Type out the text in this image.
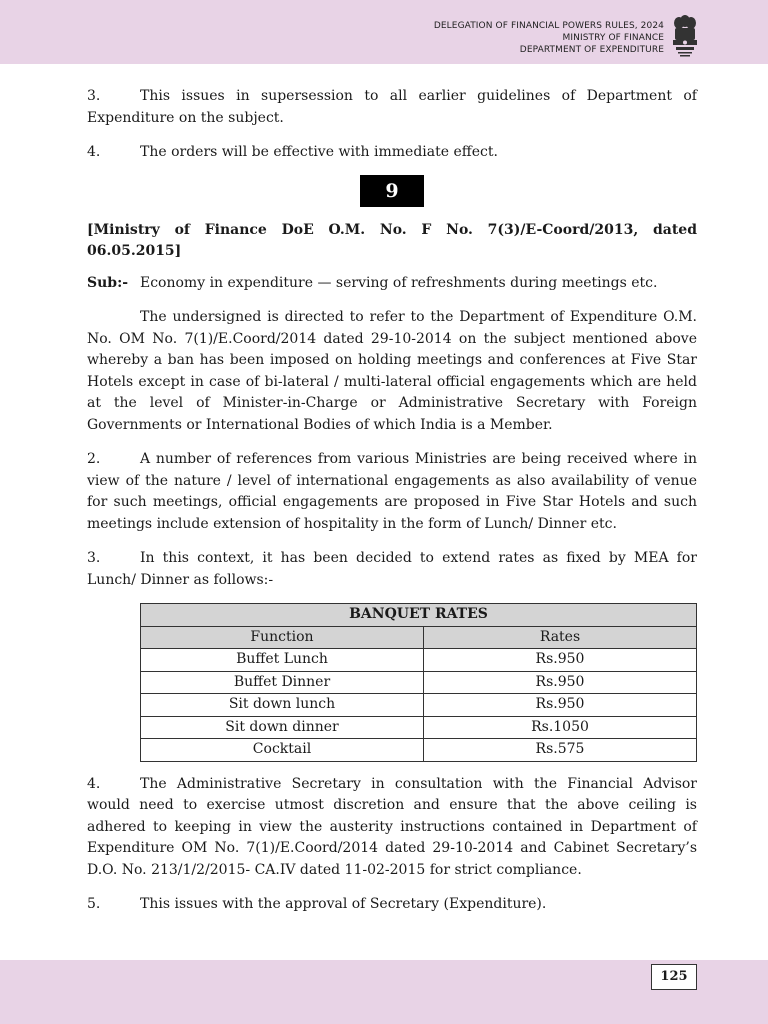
DELEGATION OF FINANCIAL POWERS RULES, 2024
MINISTRY OF FINANCE
DEPARTMENT OF EXPENDITURE

3.	This issues in supersession to all earlier guidelines of Department of Expenditure on the subject.

4.	The orders will be effective with immediate effect.

9

[Ministry of Finance DoE O.M. No. F No. 7(3)/E-Coord/2013, dated 06.05.2015]

Sub:- Economy in expenditure — serving of refreshments during meetings etc.

The undersigned is directed to refer to the Department of Expenditure O.M. No. OM No. 7(1)/E.Coord/2014 dated 29-10-2014 on the subject mentioned above whereby a ban has been imposed on holding meetings and conferences at Five Star Hotels except in case of bi-lateral / multi-lateral official engagements which are held at the level of Minister-in-Charge or Administrative Secretary with Foreign Governments or International Bodies of which India is a Member.

2.	A number of references from various Ministries are being received where in view of the nature / level of international engagements as also availability of venue for such meetings, official engagements are proposed in Five Star Hotels and such meetings include extension of hospitality in the form of Lunch/ Dinner etc.

3.	In this context, it has been decided to extend rates as fixed by MEA for Lunch/ Dinner as follows:-

BANQUET RATES	
Function	Rates
Buffet Lunch	Rs.950
Buffet Dinner	Rs.950
Sit down lunch	Rs.950
Sit down dinner	Rs.1050
Cocktail	Rs.575

4.	The Administrative Secretary in consultation with the Financial Advisor would need to exercise utmost discretion and ensure that the above ceiling is adhered to keeping in view the austerity instructions contained in Department of Expenditure OM No. 7(1)/E.Coord/2014 dated 29-10-2014 and Cabinet Secretary’s D.O. No. 213/1/2/2015- CA.IV dated 11-02-2015 for strict compliance.

5.	This issues with the approval of Secretary (Expenditure).

125
